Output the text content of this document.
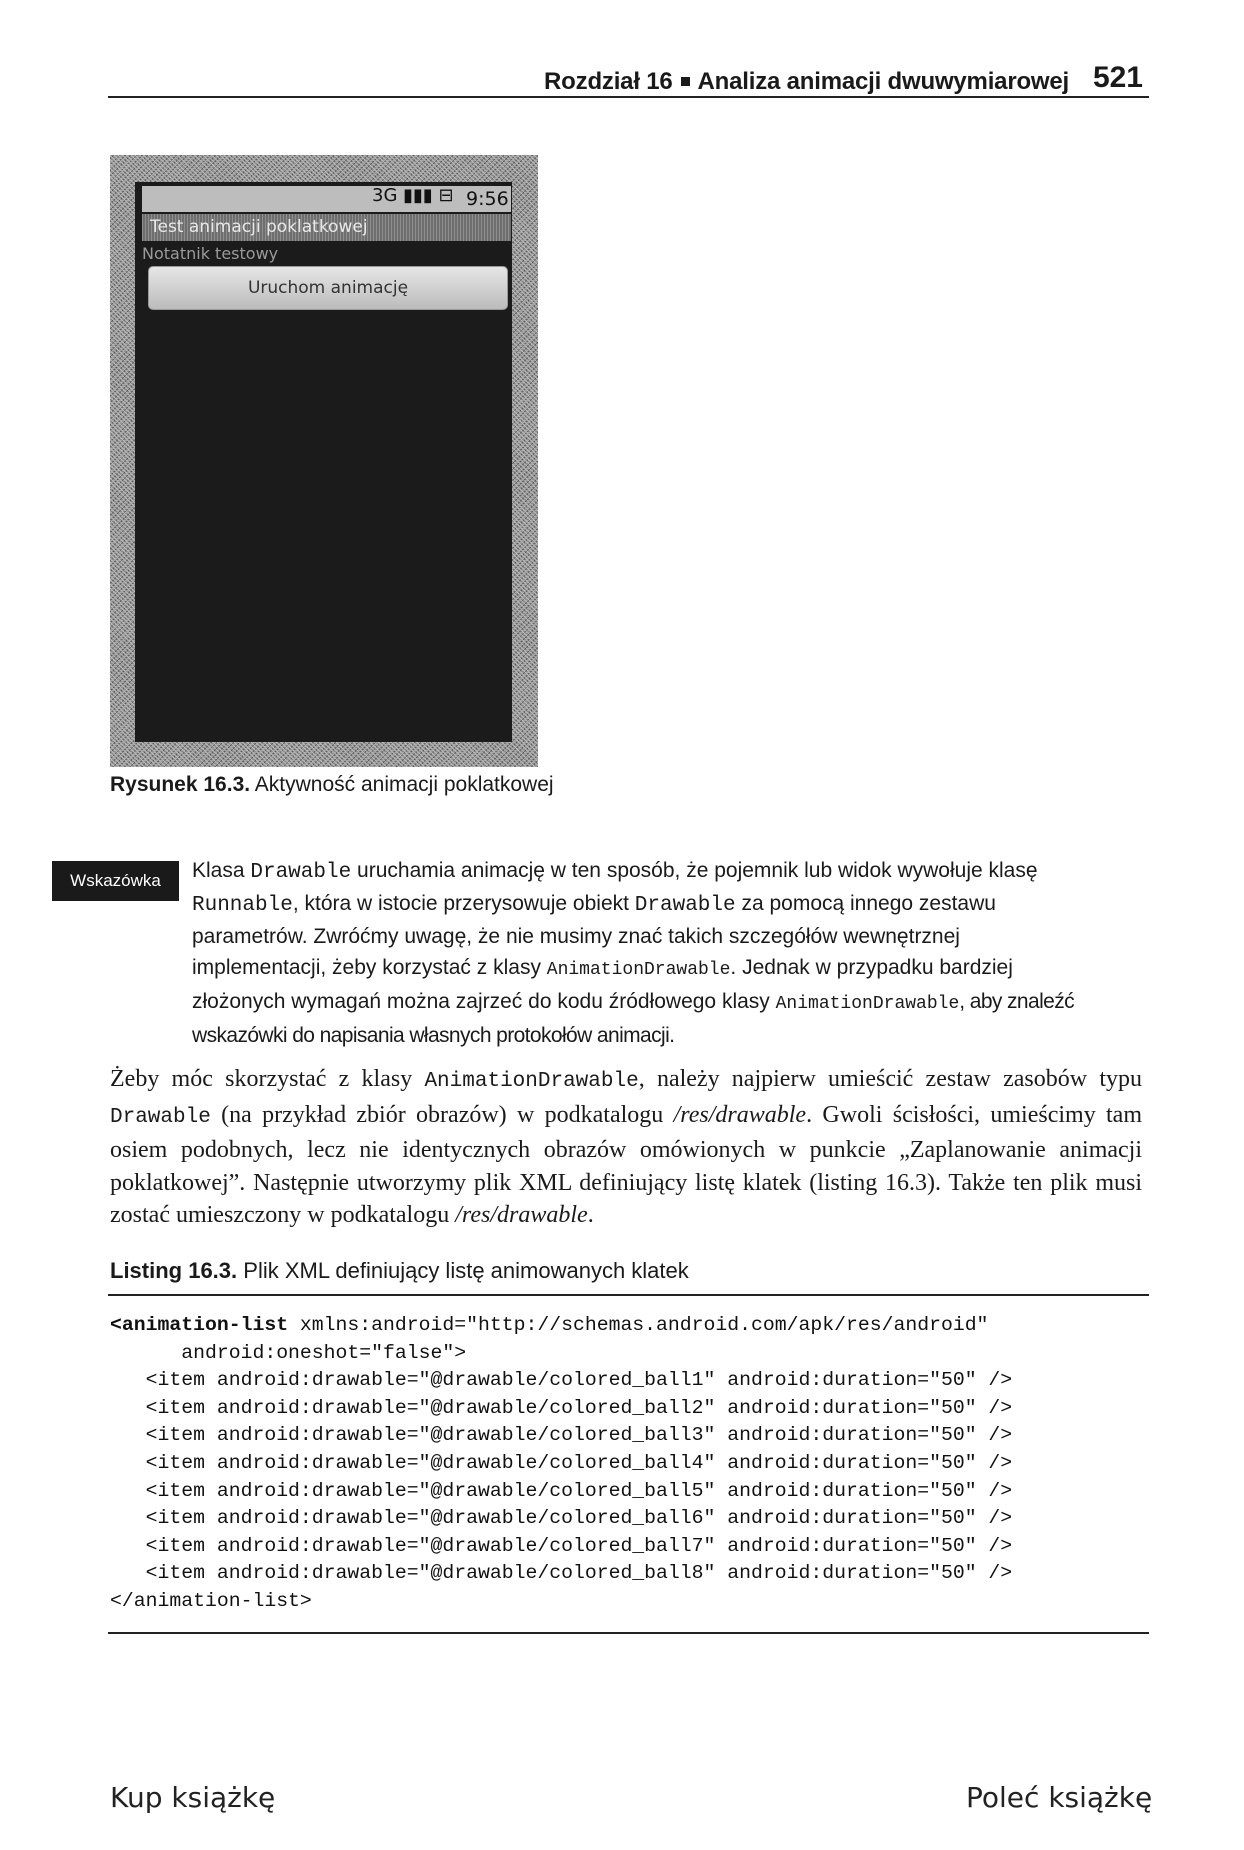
Rozdział 16 Analiza animacji dwuwymiarowej 521
3G ▮▮▮ ⊟ 9:56
Test animacji poklatkowej
Notatnik testowy
Uruchom animację
Rysunek 16.3. Aktywność animacji poklatkowej
Wskazówka	Klasa Drawable uruchamia animację w ten sposób, że pojemnik lub widok wywołuje klasę Runnable, która w istocie przerysowuje obiekt Drawable za pomocą innego zestawu parametrów. Zwróćmy uwagę, że nie musimy znać takich szczegółów wewnętrznej implementacji, żeby korzystać z klasy AnimationDrawable. Jednak w przypadku bardziej złożonych wymagań można zajrzeć do kodu źródłowego klasy AnimationDrawable, aby znaleźć wskazówki do napisania własnych protokołów animacji.
Żeby móc skorzystać z klasy AnimationDrawable, należy najpierw umieścić zestaw zasobów typu Drawable (na przykład zbiór obrazów) w podkatalogu /res/drawable. Gwoli ścisłości, umieścimy tam osiem podobnych, lecz nie identycznych obrazów omówionych w punkcie „Zaplanowanie animacji poklatkowej”. Następnie utworzymy plik XML definiujący listę klatek (listing 16.3). Także ten plik musi zostać umieszczony w podkatalogu /res/drawable.
Listing 16.3. Plik XML definiujący listę animowanych klatek
<animation-list xmlns:android="http://schemas.android.com/apk/res/android"
android:oneshot="false">
<item android:drawable="@drawable/colored_ball1" android:duration="50" />
<item android:drawable="@drawable/colored_ball2" android:duration="50" />
<item android:drawable="@drawable/colored_ball3" android:duration="50" />
<item android:drawable="@drawable/colored_ball4" android:duration="50" />
<item android:drawable="@drawable/colored_ball5" android:duration="50" />
<item android:drawable="@drawable/colored_ball6" android:duration="50" />
<item android:drawable="@drawable/colored_ball7" android:duration="50" />
<item android:drawable="@drawable/colored_ball8" android:duration="50" />
</animation-list>
Kup książkę	Poleć książkę
